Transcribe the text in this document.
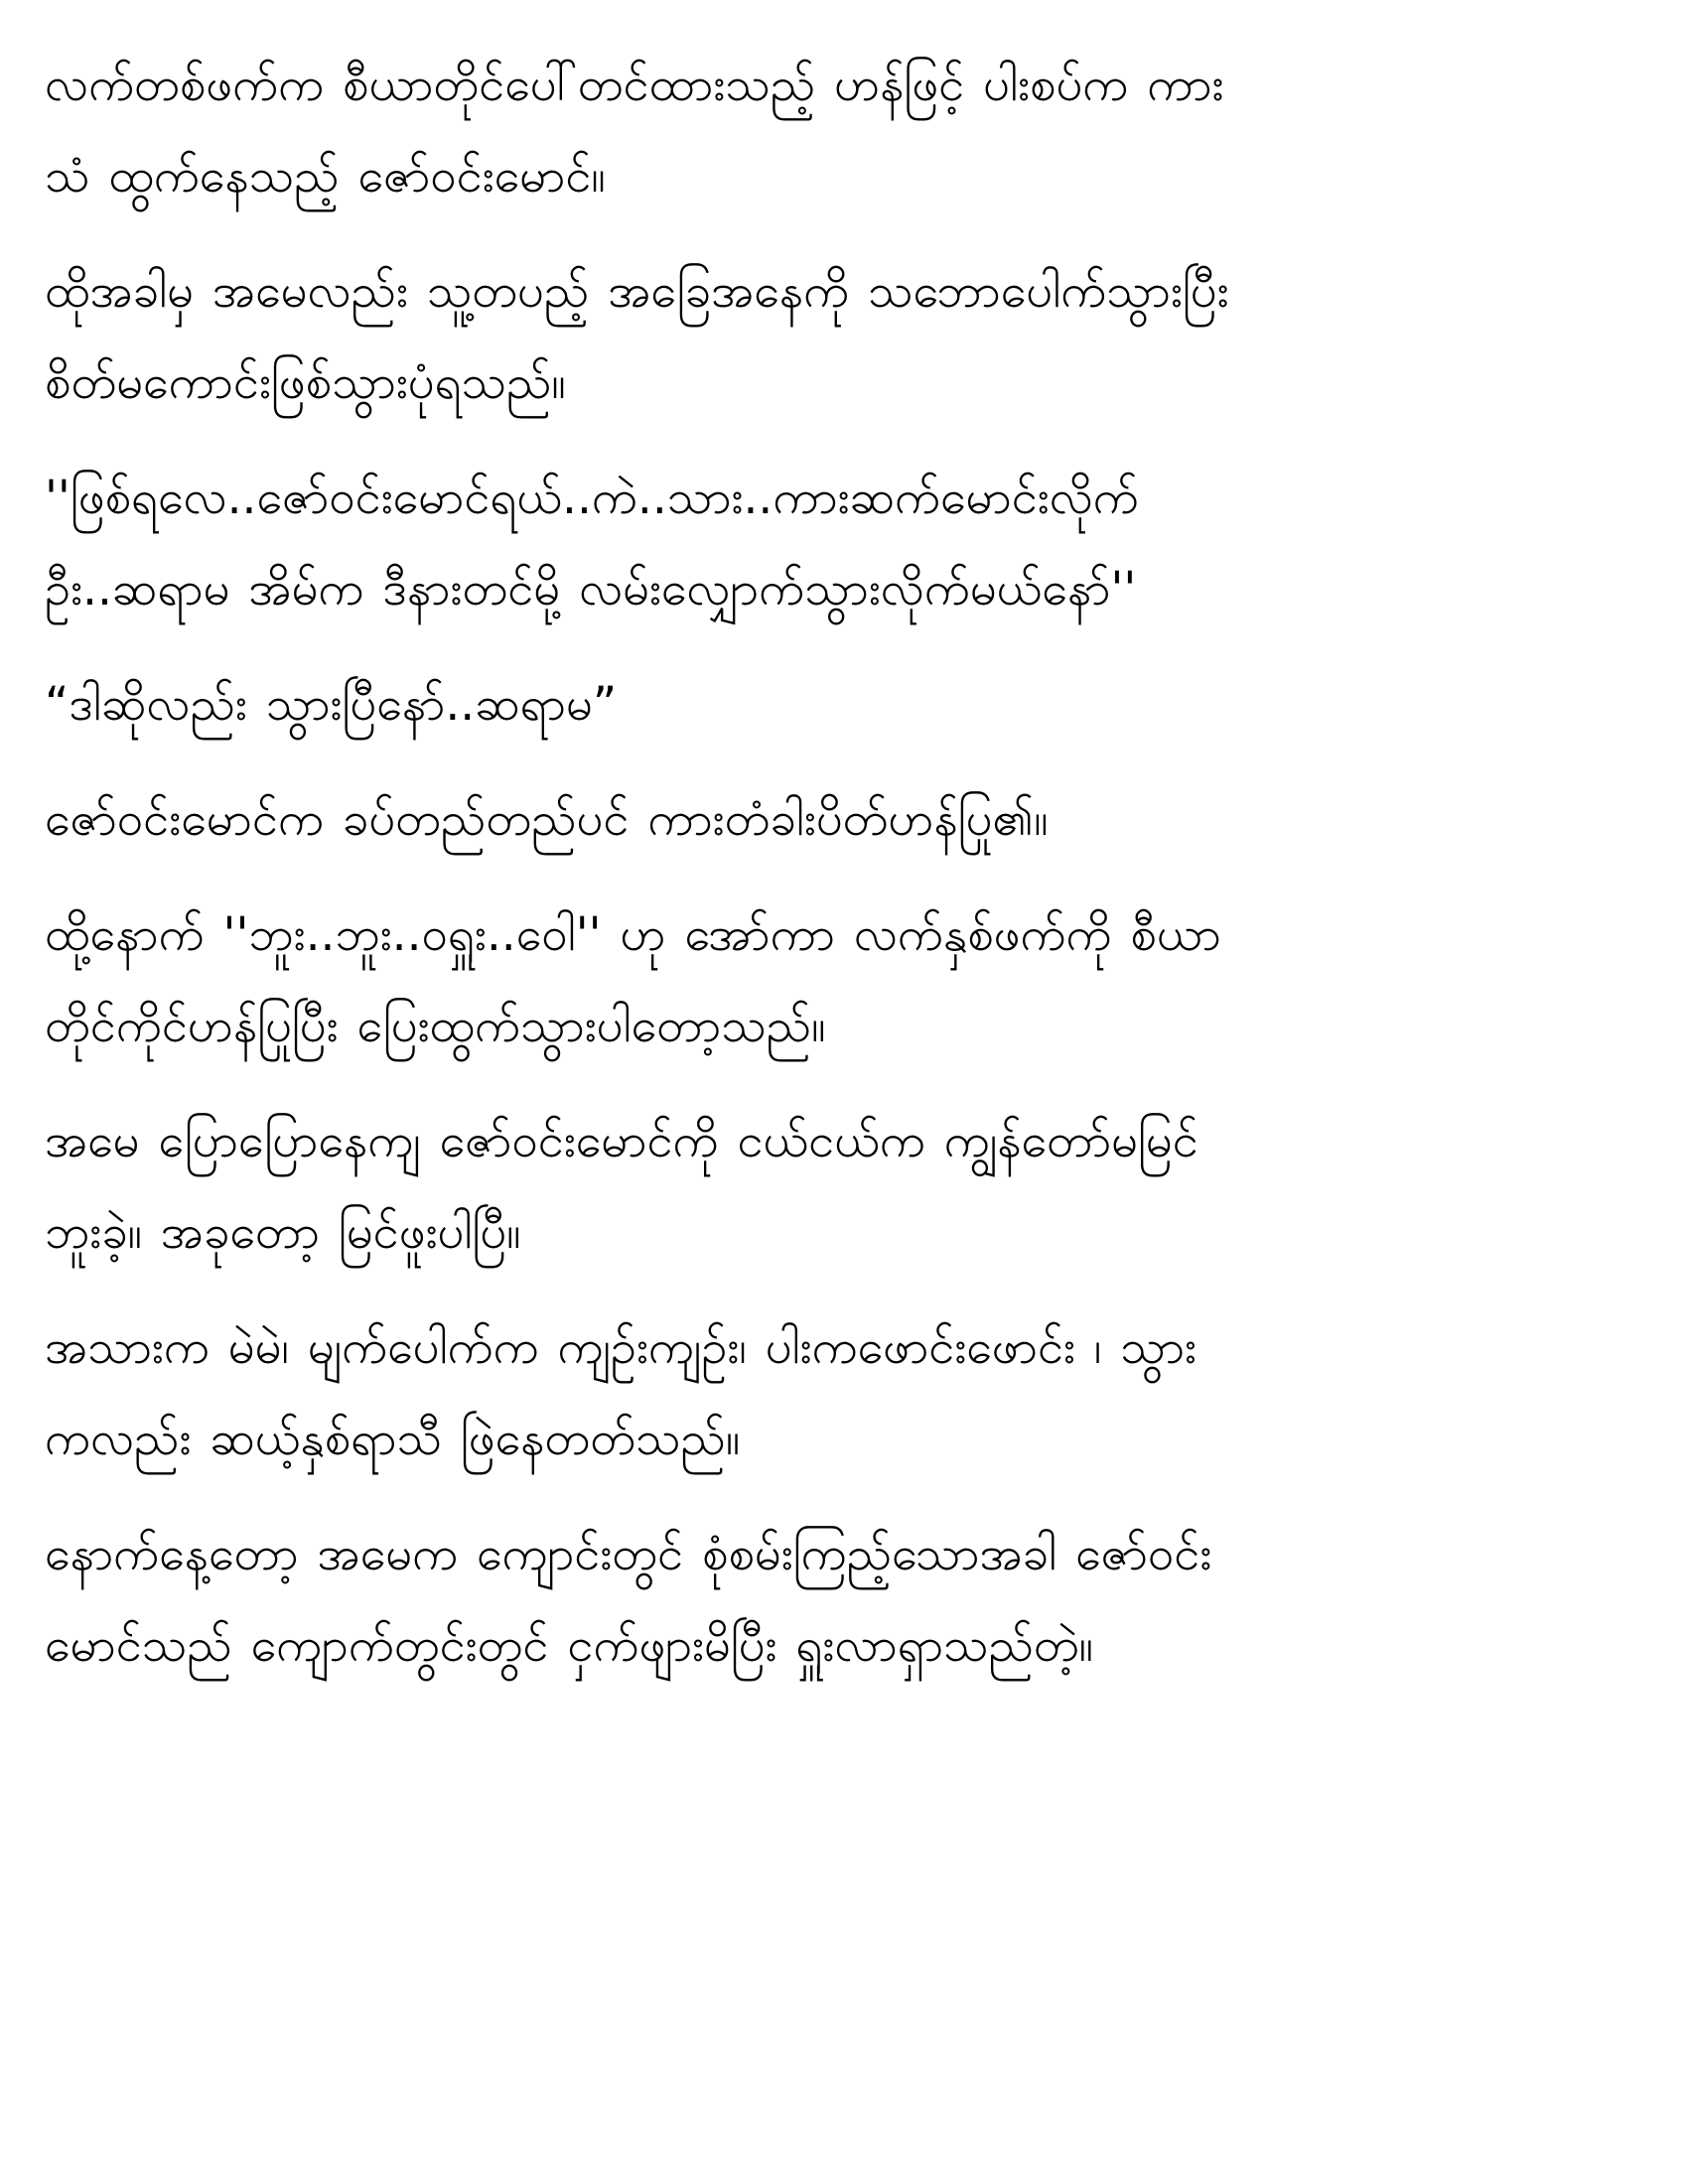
လက်တစ်ဖက်က စီယာတိုင်ပေါ်တင်ထားသည့် ဟန်ဖြင့် ပါးစပ်က ကား
သံ ထွက်နေသည့် ဇော်ဝင်းမောင်။

ထိုအခါမှ အမေလည်း သူ့တပည့် အခြေအနေကို သဘောပေါက်သွားပြီး
စိတ်မကောင်းဖြစ်သွားပုံရသည်။

''ဖြစ်ရလေ..ဇော်ဝင်းမောင်ရယ်..ကဲ..သား..ကားဆက်မောင်းလိုက်
ဦး..ဆရာမ အိမ်က ဒီနားတင်မို့ လမ်းလျှောက်သွားလိုက်မယ်နော်''

“ဒါဆိုလည်း သွားပြီနော်..ဆရာမ”

ဇော်ဝင်းမောင်က ခပ်တည်တည်ပင် ကားတံခါးပိတ်ဟန်ပြု၏။

ထို့နောက် ''ဘူး..ဘူး..ဝရှူး..ဝေါ'' ဟု အော်ကာ လက်နှစ်ဖက်ကို စီယာ
တိုင်ကိုင်ဟန်ပြုပြီး ပြေးထွက်သွားပါတော့သည်။

အမေ ပြောပြောနေကျ ဇော်ဝင်းမောင်ကို ငယ်ငယ်က ကျွန်တော်မမြင်
ဘူးခဲ့။ အခုတော့ မြင်ဖူးပါပြီ။

အသားက မဲမဲ၊ မျက်ပေါက်က ကျဉ်းကျဉ်း၊ ပါးကဖောင်းဖောင်း ၊ သွား
ကလည်း ဆယ့်နှစ်ရာသီ ဖြဲနေတတ်သည်။

နောက်နေ့တော့ အမေက ကျောင်းတွင် စုံစမ်းကြည့်သောအခါ ဇော်ဝင်း
မောင်သည် ကျောက်တွင်းတွင် ငှက်ဖျားမိပြီး ရှူးလာရှာသည်တဲ့။
